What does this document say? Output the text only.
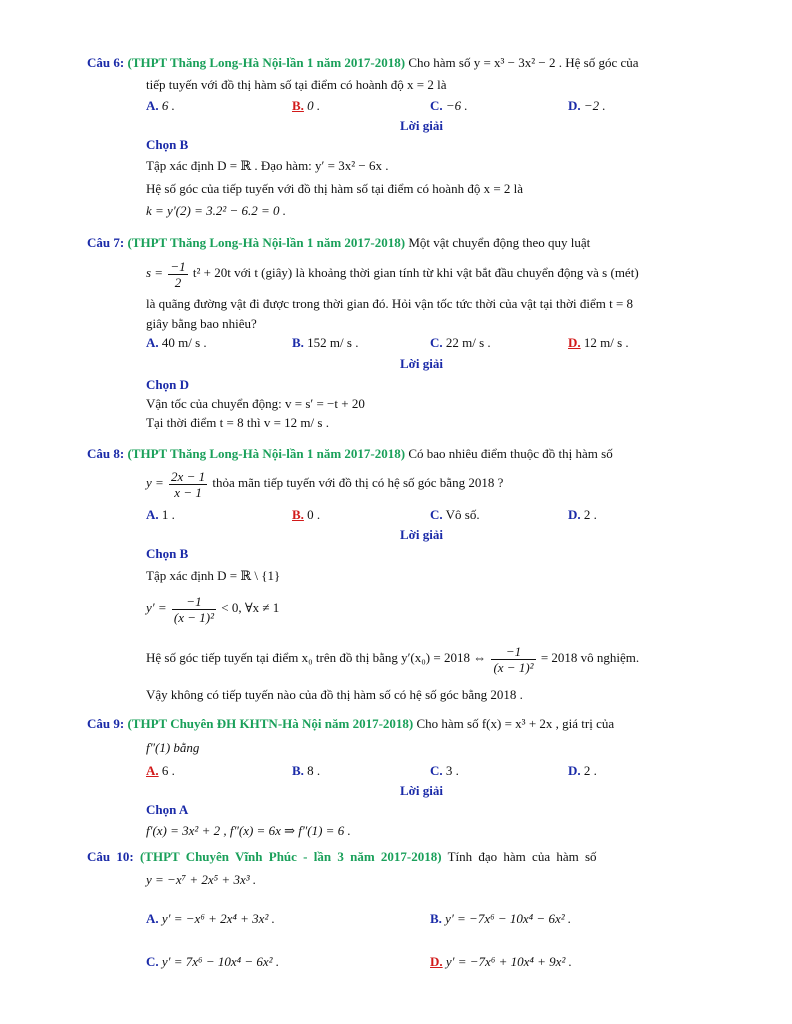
Câu 6: (THPT Thăng Long-Hà Nội-lần 1 năm 2017-2018) Cho hàm số y = x³ − 3x² − 2 . Hệ số góc của
tiếp tuyến với đồ thị hàm số tại điểm có hoành độ x = 2 là
A. 6 .	B. 0 .	C. −6 .	D. −2 .
Lời giải
Chọn B
Tập xác định D = ℝ . Đạo hàm: y′ = 3x² − 6x .
Hệ số góc của tiếp tuyến với đồ thị hàm số tại điểm có hoành độ x = 2 là
k = y′(2) = 3.2² − 6.2 = 0 .
Câu 7: (THPT Thăng Long-Hà Nội-lần 1 năm 2017-2018) Một vật chuyển động theo quy luật
$s = \frac{-1}{2} t^2 + 20t$ với t (giây) là khoảng thời gian tính từ khi vật bắt đầu chuyển động và s (mét)
là quãng đường vật đi được trong thời gian đó. Hỏi vận tốc tức thời của vật tại thời điểm t = 8
giây bằng bao nhiêu?
A. 40 m/ s .	B. 152 m/ s .	C. 22 m/ s .	D. 12 m/ s .
Lời giải
Chọn D
Vận tốc của chuyển động: v = s′ = −t + 20
Tại thời điểm t = 8 thì v = 12 m/ s .
Câu 8: (THPT Thăng Long-Hà Nội-lần 1 năm 2017-2018) Có bao nhiêu điểm thuộc đồ thị hàm số
$y = \frac{2x - 1}{x - 1}$ thỏa mãn tiếp tuyến với đồ thị có hệ số góc bằng 2018 ?
A. 1 .	B. 0 .	C. Vô số.	D. 2 .
Lời giải
Chọn B
Tập xác định D = ℝ \ {1}
$y' = \frac{-1}{\text{(x − 1)²}} < 0$, ∀x ≠ 1
Hệ số góc tiếp tuyến tại điểm x₀ trên đồ thị bằng y′(x₀) = 2018 ⇔ $\frac{-1}{\text{(x − 1)²}} = 2018$ vô nghiệm.
Vậy không có tiếp tuyến nào của đồ thị hàm số có hệ số góc bằng 2018 .
Câu 9: (THPT Chuyên ĐH KHTN-Hà Nội năm 2017-2018) Cho hàm số f(x) = x³ + 2x , giá trị của
f″(1) bằng
A. 6 .	B. 8 .	C. 3 .	D. 2 .
Lời giải
Chọn A
f′(x) = 3x² + 2 , f″(x) = 6x ⇒ f″(1) = 6 .
Câu 10: (THPT Chuyên Vĩnh Phúc - lần 3 năm 2017-2018) Tính đạo hàm của hàm số
y = −x⁷ + 2x⁵ + 3x³ .
A. y′ = −x⁶ + 2x⁴ + 3x² .	B. y′ = −7x⁶ − 10x⁴ − 6x² .
C. y′ = 7x⁶ − 10x⁴ − 6x² .	D. y′ = −7x⁶ + 10x⁴ + 9x² .
